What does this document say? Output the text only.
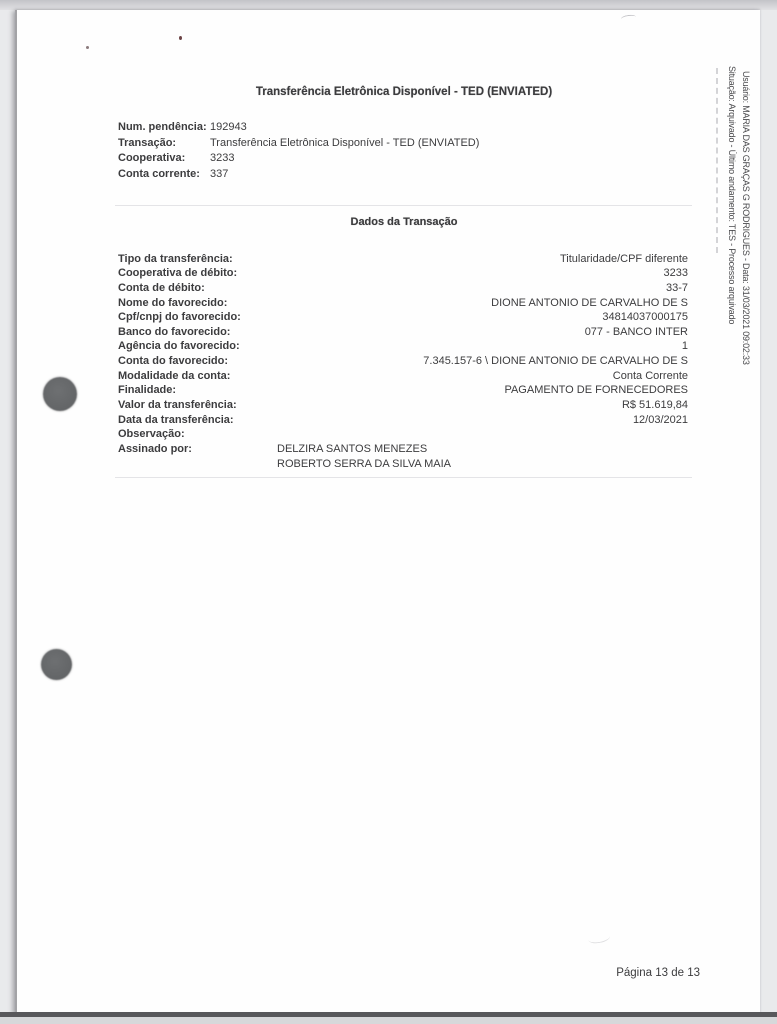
Transferência Eletrônica Disponível - TED (ENVIATED)
Num. pendência: 192943
Transação:	Transferência Eletrônica Disponível - TED (ENVIATED)
Cooperativa: 3233
Conta corrente: 337
Dados da Transação
Tipo da transferência:	Titularidade/CPF diferente
Cooperativa de débito:	3233
Conta de débito:	33-7
Nome do favorecido:	DIONE ANTONIO DE CARVALHO DE S
Cpf/cnpj do favorecido:	34814037000175
Banco do favorecido:	077 - BANCO INTER
Agência do favorecido:	1
Conta do favorecido:	7.345.157-6 \ DIONE ANTONIO DE CARVALHO DE S
Modalidade da conta:	Conta Corrente
Finalidade:	PAGAMENTO DE FORNECEDORES
Valor da transferência:	R$ 51.619,84
Data da transferência:	12/03/2021
Observação:
Assinado por:	DELZIRA SANTOS MENEZES
ROBERTO SERRA DA SILVA MAIA
Página 13 de 13
Situação: Arquivado - Último andamento: TES - Processo arquivado Usuário: MARIA DAS GRAÇAS G RODRIGUES - Data: 31/03/2021 09:02:33
